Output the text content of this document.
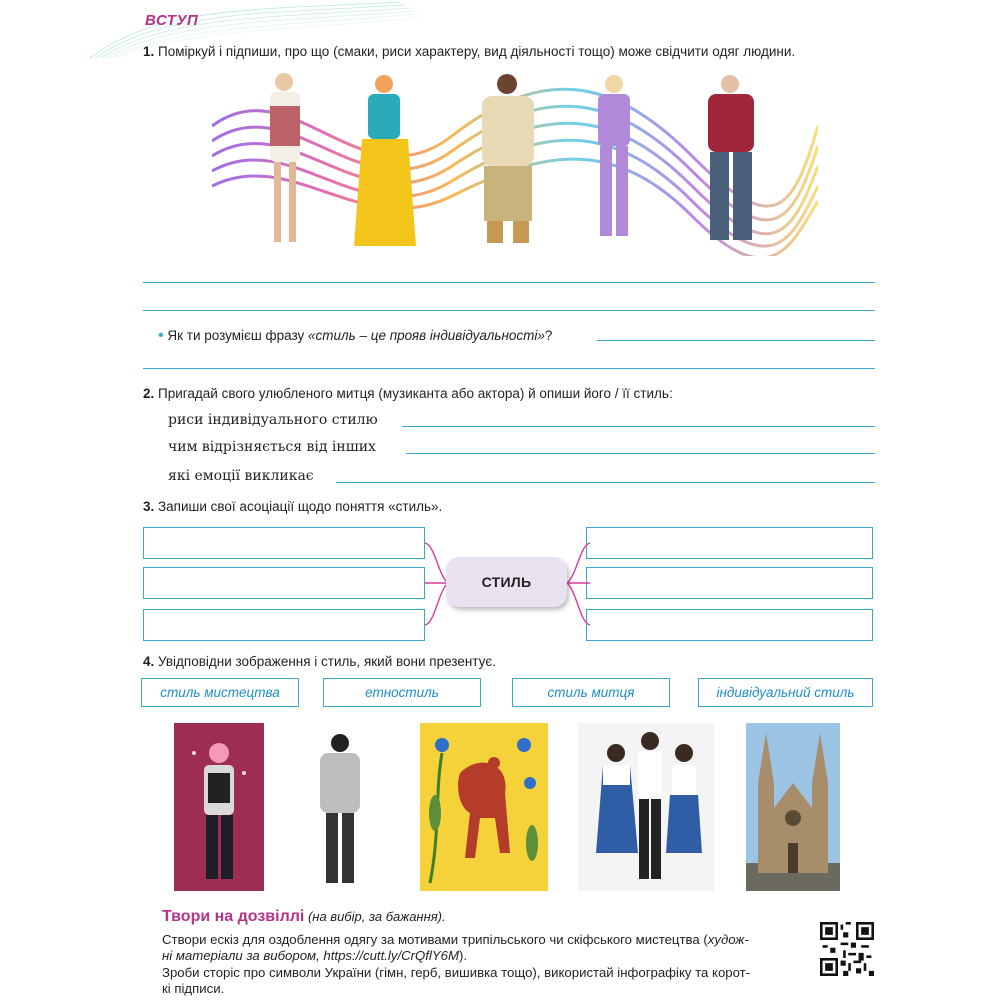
ВСТУП
1. Поміркуй і підпиши, про що (смаки, риси характеру, вид діяльності тощо) може свідчити одяг людини.
• Як ти розумієш фразу «стиль – це прояв індивідуальності»?
2. Пригадай свого улюбленого митця (музиканта або актора) й опиши його / її стиль:
риси індивідуального стилю
чим відрізняється від інших
які емоції викликає
3. Запиши свої асоціації щодо поняття «стиль».
СТИЛЬ
4. Увідповідни зображення і стиль, який вони презентує.
стиль мистецтва	етностиль	стиль митця	індивідуальний стиль
Твори на дозвіллі (на вибір, за бажання).
Створи ескіз для оздоблення одягу за мотивами трипільського чи скіфського мистецтва (худож-
ні матеріали за вибором, https://cutt.ly/CrQflY6M).
Зроби сторіс про символи України (гімн, герб, вишивка тощо), використай інфографіку та корот-
кі підписи.
